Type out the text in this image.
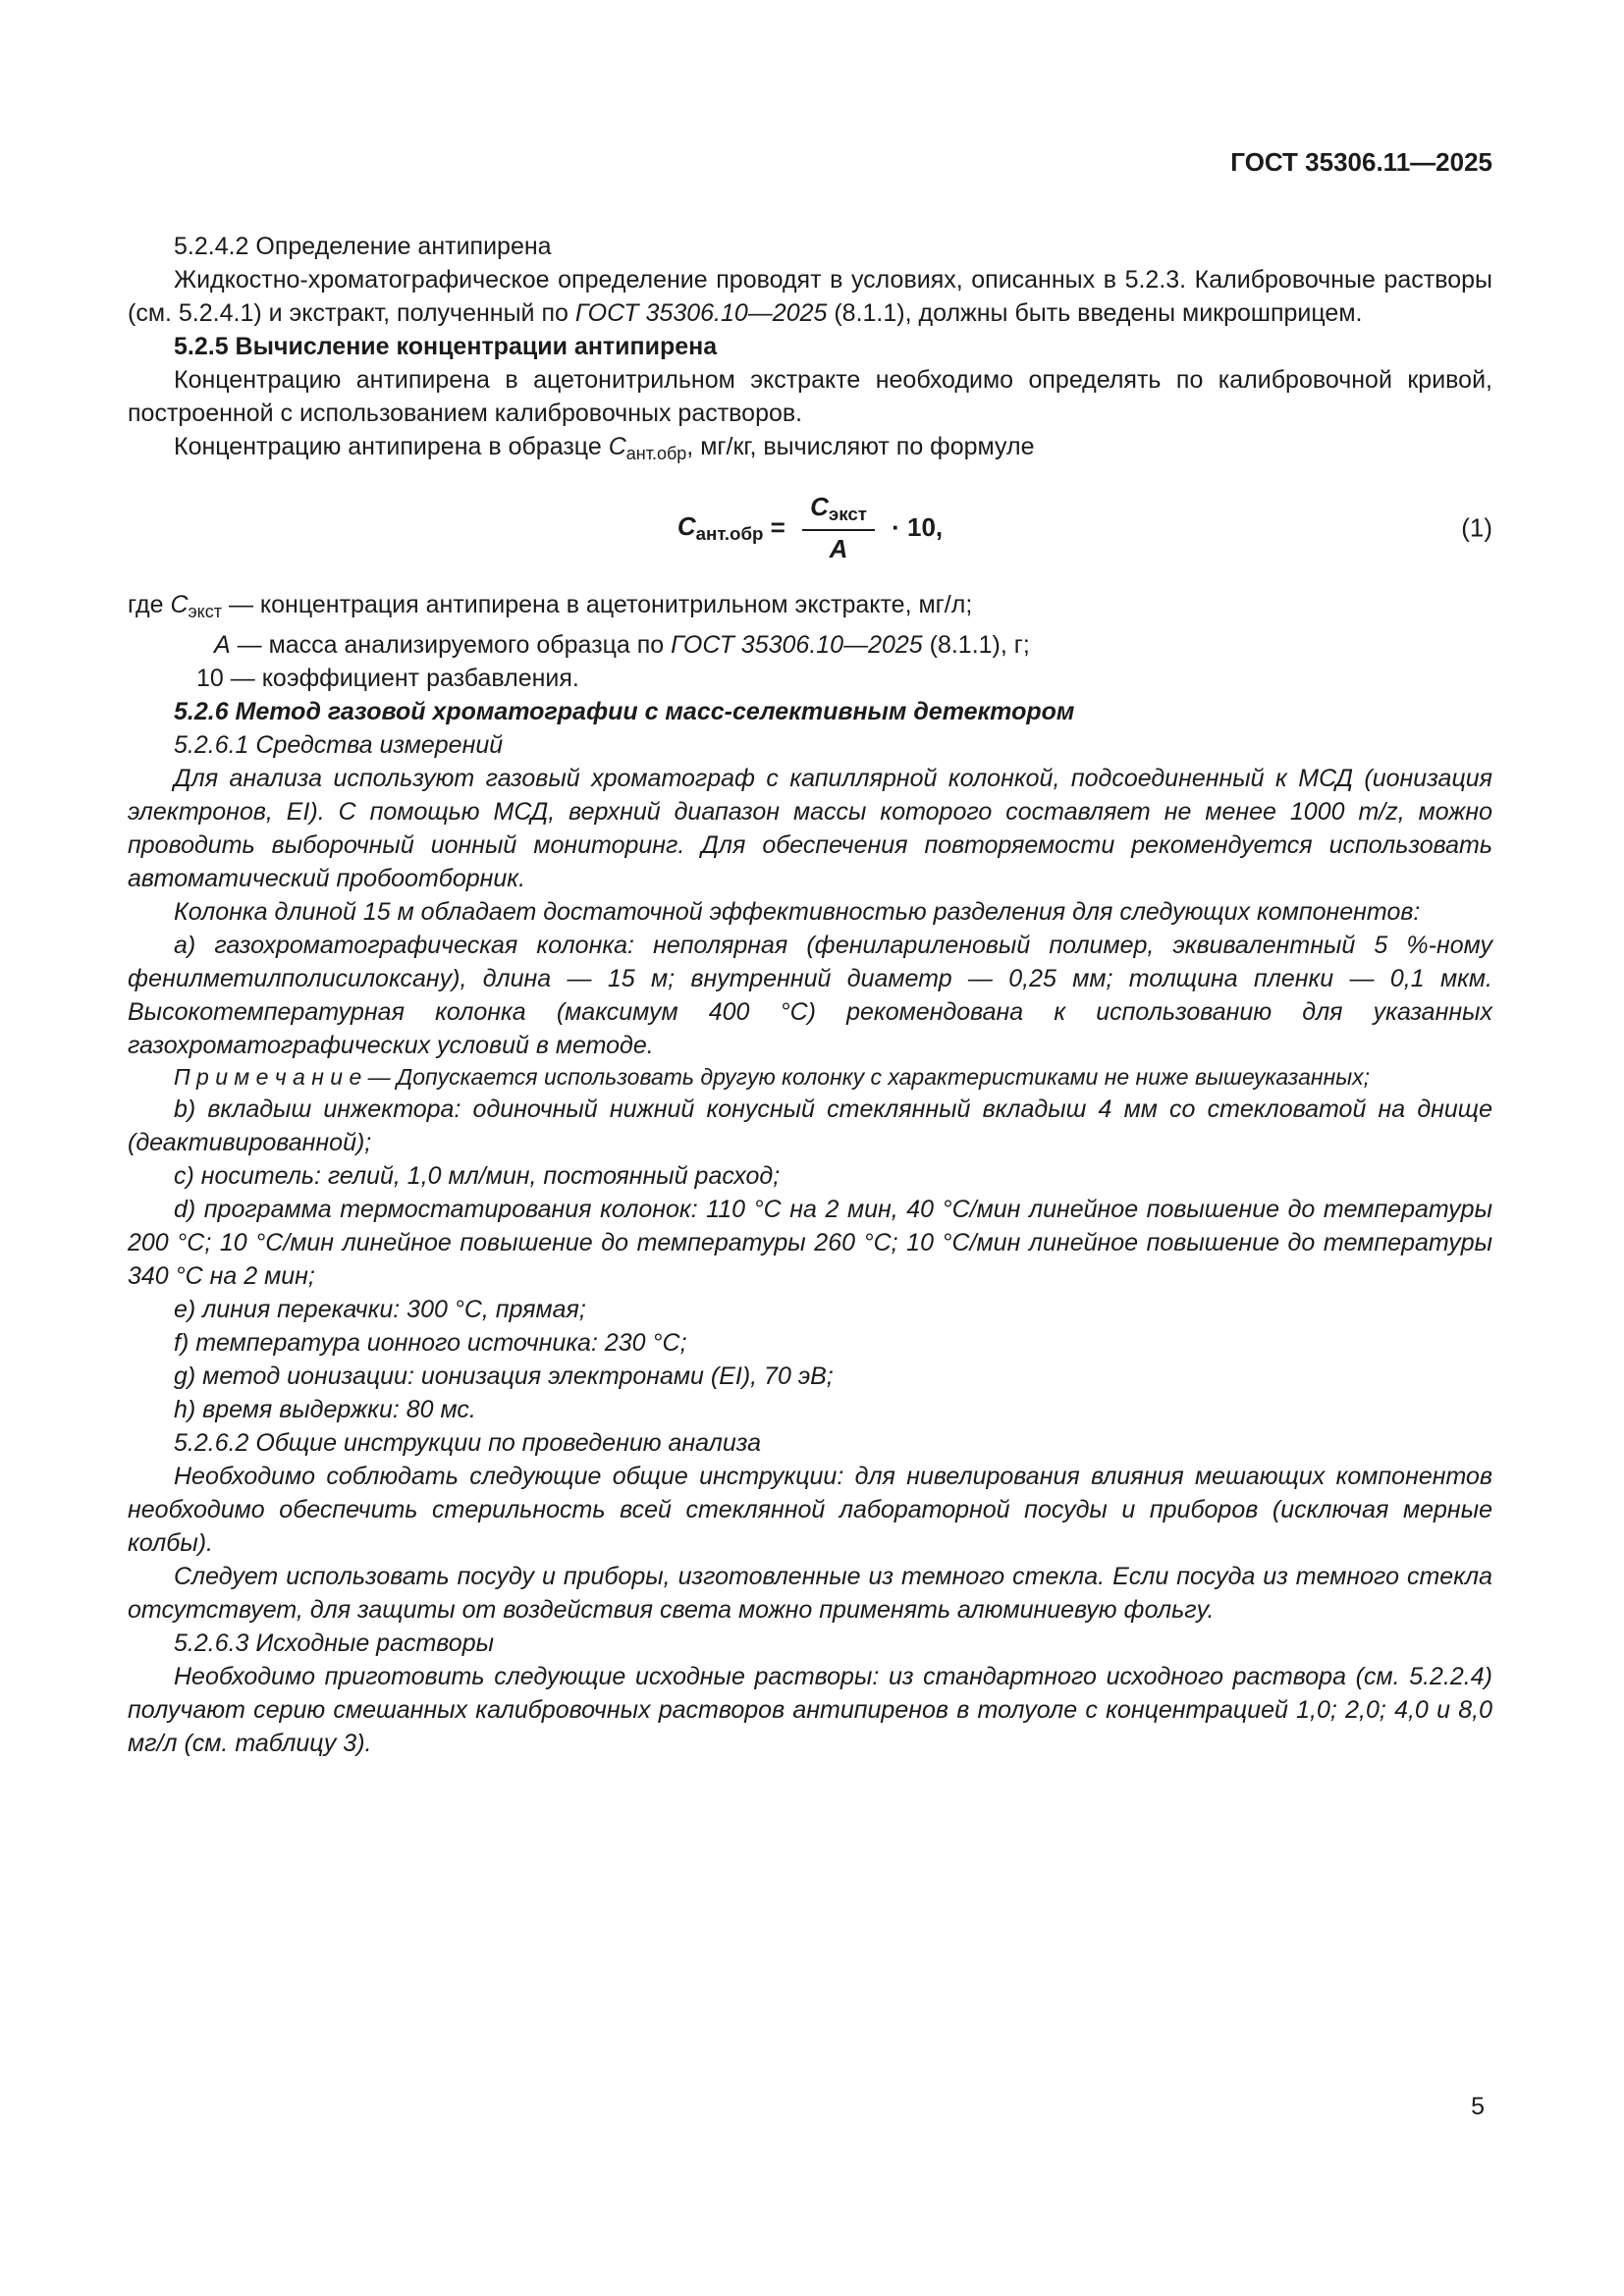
ГОСТ 35306.11—2025

5.2.4.2 Определение антипирена

Жидкостно-хроматографическое определение проводят в условиях, описанных в 5.2.3. Калибровочные растворы (см. 5.2.4.1) и экстракт, полученный по ГОСТ 35306.10—2025 (8.1.1), должны быть введены микрошприцем.

5.2.5 Вычисление концентрации антипирена

Концентрацию антипирена в ацетонитрильном экстракте необходимо определять по калибровочной кривой, построенной с использованием калибровочных растворов.

Концентрацию антипирена в образце $С_{ант.обр}$, мг/кг, вычисляют по формуле

$С_{ант.обр} = \frac{С_{экст}}{А} \cdot 10$,	(1)

где $С_{экст}$ — концентрация антипирена в ацетонитрильном экстракте, мг/л;

А — масса анализируемого образца по ГОСТ 35306.10—2025 (8.1.1), г;

10 — коэффициент разбавления.

5.2.6 Метод газовой хроматографии с масс-селективным детектором

5.2.6.1 Средства измерений

Для анализа используют газовый хроматограф с капиллярной колонкой, подсоединенный к МСД (ионизация электронов, EI). С помощью МСД, верхний диапазон массы которого составляет не менее 1000 m/z, можно проводить выборочный ионный мониторинг. Для обеспечения повторяемости рекомендуется использовать автоматический пробоотборник.

Колонка длиной 15 м обладает достаточной эффективностью разделения для следующих компонентов:

а) газохроматографическая колонка: неполярная (фенилариленовый полимер, эквивалентный 5 %-ному фенилметилполисилоксану), длина — 15 м; внутренний диаметр — 0,25 мм; толщина пленки — 0,1 мкм. Высокотемпературная колонка (максимум 400 °С) рекомендована к использованию для указанных газохроматографических условий в методе.

П р и м е ч а н и е — Допускается использовать другую колонку с характеристиками не ниже вышеуказанных;

b) вкладыш инжектора: одиночный нижний конусный стеклянный вкладыш 4 мм со стекловатой на днище (деактивированной);

с) носитель: гелий, 1,0 мл/мин, постоянный расход;

d) программа термостатирования колонок: 110 °С на 2 мин, 40 °С/мин линейное повышение до температуры 200 °С; 10 °С/мин линейное повышение до температуры 260 °С; 10 °С/мин линейное повышение до температуры 340 °С на 2 мин;

е) линия перекачки: 300 °С, прямая;

f) температура ионного источника: 230 °С;

g) метод ионизации: ионизация электронами (EI), 70 эВ;

h) время выдержки: 80 мс.

5.2.6.2 Общие инструкции по проведению анализа

Необходимо соблюдать следующие общие инструкции: для нивелирования влияния мешающих компонентов необходимо обеспечить стерильность всей стеклянной лабораторной посуды и приборов (исключая мерные колбы).

Следует использовать посуду и приборы, изготовленные из темного стекла. Если посуда из темного стекла отсутствует, для защиты от воздействия света можно применять алюминиевую фольгу.

5.2.6.3 Исходные растворы

Необходимо приготовить следующие исходные растворы: из стандартного исходного раствора (см. 5.2.2.4) получают серию смешанных калибровочных растворов антипиренов в толуоле с концентрацией 1,0; 2,0; 4,0 и 8,0 мг/л (см. таблицу 3).

5
